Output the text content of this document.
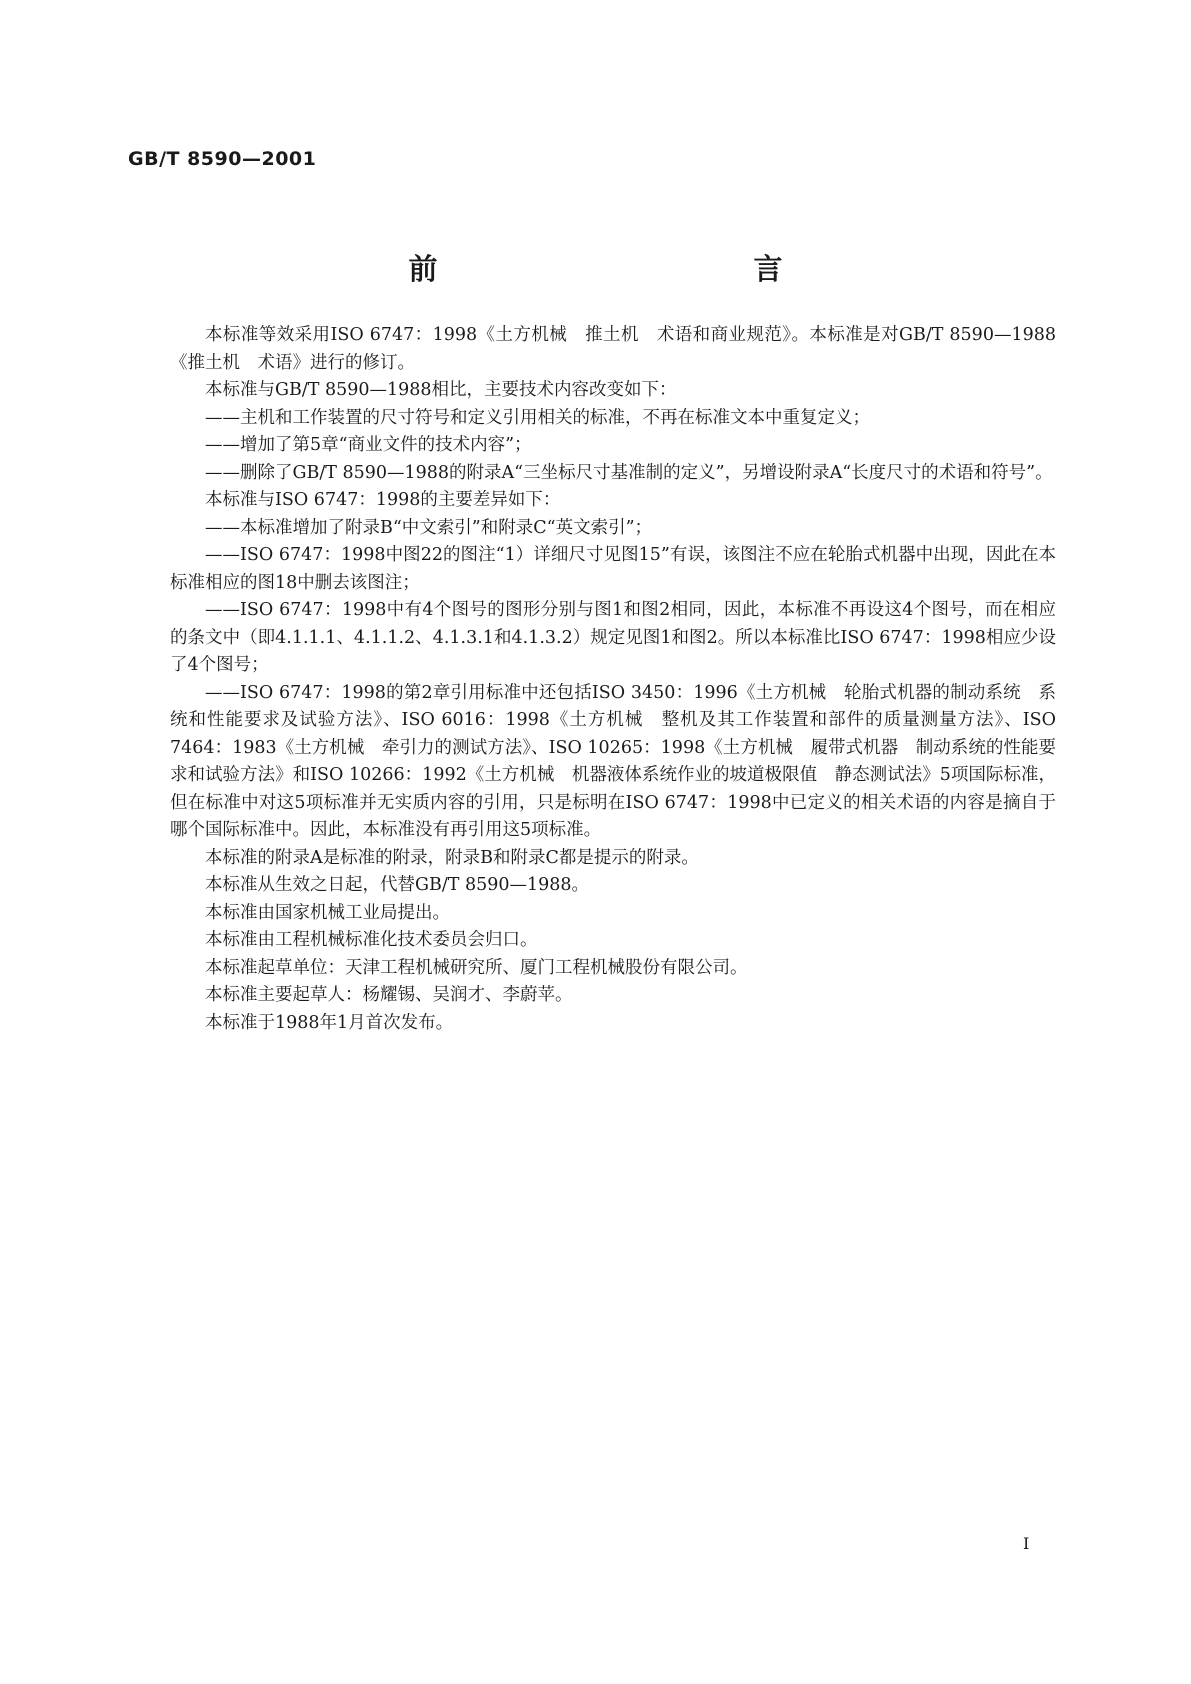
GB/T 8590—2001
前　　言

本标准等效采用ISO 6747：1998《土方机械　推土机　术语和商业规范》。本标准是对GB/T 8590—1988《推土机　术语》进行的修订。

本标准与GB/T 8590—1988相比，主要技术内容改变如下：

——主机和工作装置的尺寸符号和定义引用相关的标准，不再在标准文本中重复定义；

——增加了第5章“商业文件的技术内容”；

——删除了GB/T 8590—1988的附录A“三坐标尺寸基准制的定义”，另增设附录A“长度尺寸的术语和符号”。

本标准与ISO 6747：1998的主要差异如下：

——本标准增加了附录B“中文索引”和附录C“英文索引”；

——ISO 6747：1998中图22的图注“1）详细尺寸见图15”有误，该图注不应在轮胎式机器中出现，因此在本标准相应的图18中删去该图注；

——ISO 6747：1998中有4个图号的图形分别与图1和图2相同，因此，本标准不再设这4个图号，而在相应的条文中（即4.1.1.1、4.1.1.2、4.1.3.1和4.1.3.2）规定见图1和图2。所以本标准比ISO 6747：1998相应少设了4个图号；

——ISO 6747：1998的第2章引用标准中还包括ISO 3450：1996《土方机械　轮胎式机器的制动系统　系统和性能要求及试验方法》、ISO 6016：1998《土方机械　整机及其工作装置和部件的质量测量方法》、ISO 7464：1983《土方机械　牵引力的测试方法》、ISO 10265：1998《土方机械　履带式机器　制动系统的性能要求和试验方法》和ISO 10266：1992《土方机械　机器液体系统作业的坡道极限值　静态测试法》5项国际标准，但在标准中对这5项标准并无实质内容的引用，只是标明在ISO 6747：1998中已定义的相关术语的内容是摘自于哪个国际标准中。因此，本标准没有再引用这5项标准。

本标准的附录A是标准的附录，附录B和附录C都是提示的附录。

本标准从生效之日起，代替GB/T 8590—1988。

本标准由国家机械工业局提出。

本标准由工程机械标准化技术委员会归口。

本标准起草单位：天津工程机械研究所、厦门工程机械股份有限公司。

本标准主要起草人：杨耀锡、吴润才、李蔚苹。

本标准于1988年1月首次发布。

I
